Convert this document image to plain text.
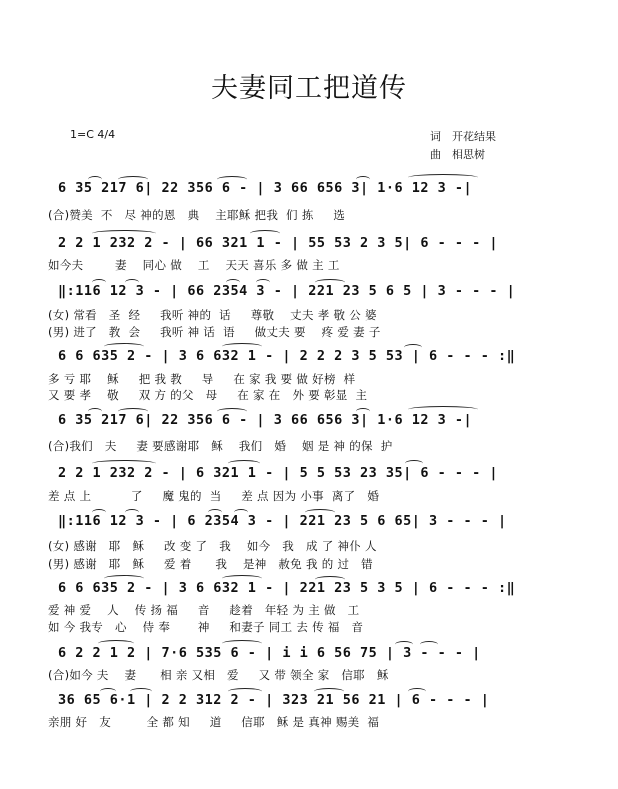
夫妻同工把道传
1=C 4/4	词 开花结果
曲 相思树
6 35 217 6| 22 356 6 - | 3 66 656 3| 1·6 12 3 -|
(合)赞美  不   尽 神的恩   典    主耶稣 把我  们 拣     选
2 2 1 232 2 - | 66 321 1 - | 55 53 2 3 5| 6 - - - |
如今夫        妻    同心 做    工    天天 喜乐 多 做 主 工
‖:116 12 3 - | 66 2354 3 - | 221 23 5 6 5 | 3 - - - |
(女) 常看   圣  经     我听 神的  话     尊敬    丈夫 孝 敬 公 婆
(男) 进了   教  会     我听 神 话  语     做丈夫 要    疼 爱 妻 子
6 6 635 2 - | 3 6 632 1 - | 2 2 2 3 5 53 | 6 - - - :‖
多 亏 耶    稣     把 我 教     导     在 家 我 要 做 好榜  样
又 要 孝    敬     双 方 的父   母     在 家 在   外 要 彰显  主
6 35 217 6| 22 356 6 - | 3 66 656 3| 1·6 12 3 -|
(合)我们   夫     妻 要感谢耶   稣    我们   婚    姻 是 神 的保  护
2 2 1 232 2 - | 6 321 1 - | 5 5 53 23 35| 6 - - - |
差 点 上          了     魔 鬼的  当     差 点 因为 小事  离了   婚
‖:116 12 3 - | 6 2354 3 - | 221 23 5 6 65| 3 - - - |
(女) 感谢   耶   稣     改 变 了   我    如今   我   成 了 神仆 人
(男) 感谢   耶   稣     爱 着      我    是神   赦免 我 的 过   错
6 6 635 2 - | 3 6 632 1 - | 221 23 5 3 5 | 6 - - - :‖
爱 神 爱    人    传 扬 福     音     趁着   年轻 为 主 做   工
如 今 我专   心    侍 奉       神     和妻子 同工 去 传 福   音
6 2 2 1 2 | 7·6 535 6 - | i i 6 56 75 | 3 - - - |
(合)如今 夫    妻      相 亲 又相   爱     又 带 领全 家   信耶   稣
36 65 6·1 | 2 2 312 2 - | 323 21 56 21 | 6 - - - |
亲朋 好   友         全 都 知     道     信耶   稣 是 真神 赐美  福
